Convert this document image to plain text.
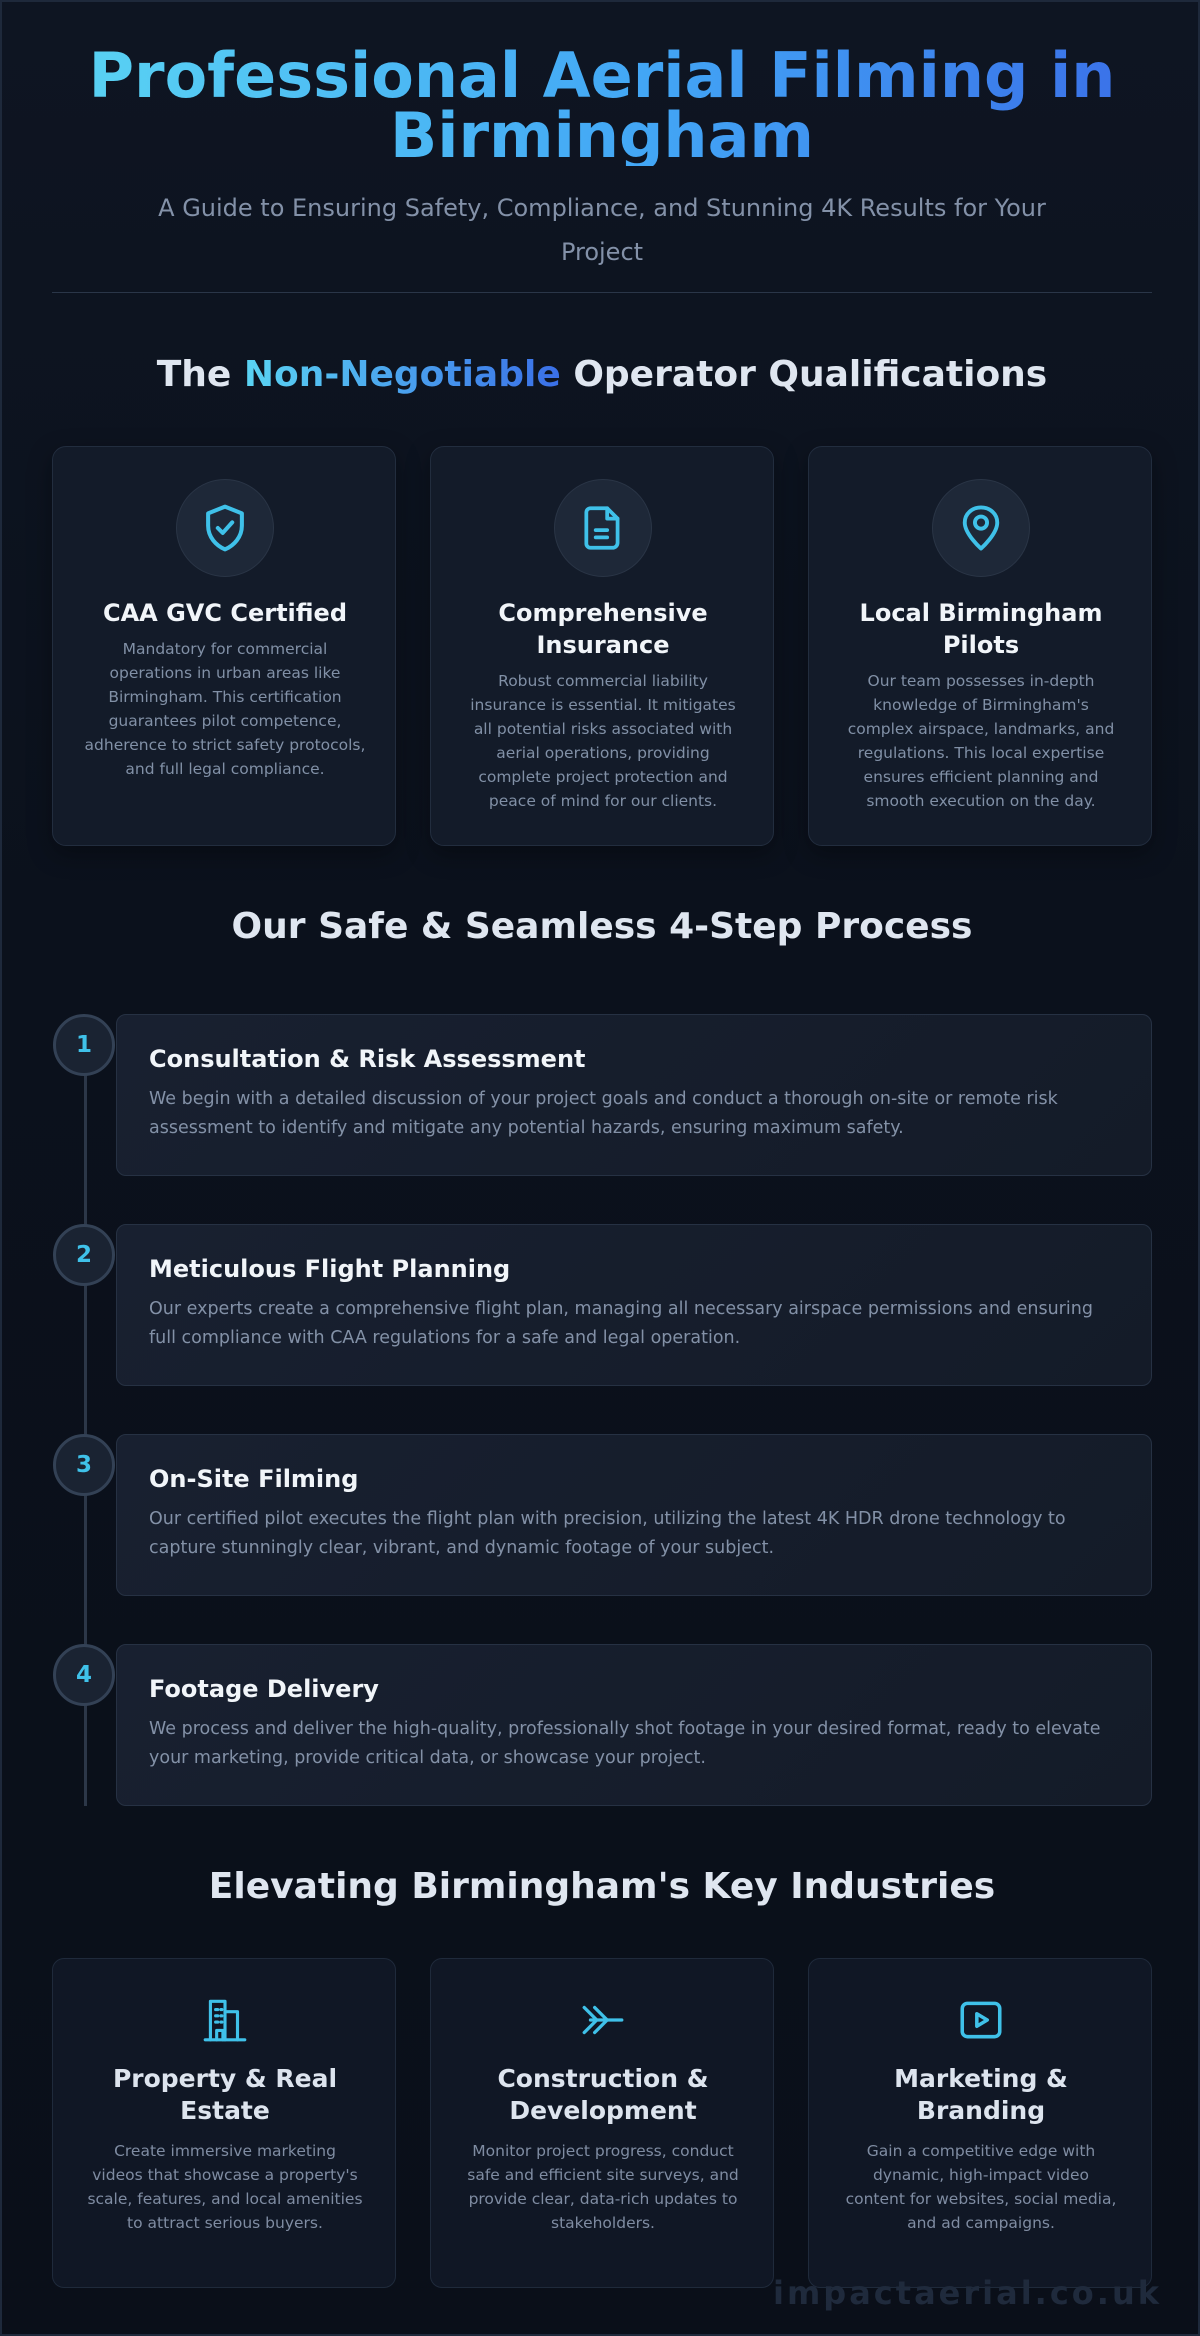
Professional Aerial Filming in Birmingham

A Guide to Ensuring Safety, Compliance, and Stunning 4K Results for Your Project

The Non-Negotiable Operator Qualifications
CAA GVC Certified
Mandatory for commercial operations in urban areas like Birmingham. This certification guarantees pilot competence, adherence to strict safety protocols, and full legal compliance.
Comprehensive Insurance
Robust commercial liability insurance is essential. It mitigates all potential risks associated with aerial operations, providing complete project protection and peace of mind for our clients.
Local Birmingham Pilots
Our team possesses in-depth knowledge of Birmingham's complex airspace, landmarks, and regulations. This local expertise ensures efficient planning and smooth execution on the day.
Our Safe & Seamless 4-Step Process
1	Consultation & Risk Assessment
We begin with a detailed discussion of your project goals and conduct a thorough on-site or remote risk assessment to identify and mitigate any potential hazards, ensuring maximum safety.
2	Meticulous Flight Planning
Our experts create a comprehensive flight plan, managing all necessary airspace permissions and ensuring full compliance with CAA regulations for a safe and legal operation.
3	On-Site Filming
Our certified pilot executes the flight plan with precision, utilizing the latest 4K HDR drone technology to capture stunningly clear, vibrant, and dynamic footage of your subject.
4	Footage Delivery
We process and deliver the high-quality, professionally shot footage in your desired format, ready to elevate your marketing, provide critical data, or showcase your project.
Elevating Birmingham's Key Industries
Property & Real Estate
Create immersive marketing videos that showcase a property's scale, features, and local amenities to attract serious buyers.
Construction & Development
Monitor project progress, conduct safe and efficient site surveys, and provide clear, data-rich updates to stakeholders.
Marketing & Branding
Gain a competitive edge with dynamic, high-impact video content for websites, social media, and ad campaigns.
impactaerial.co.uk
